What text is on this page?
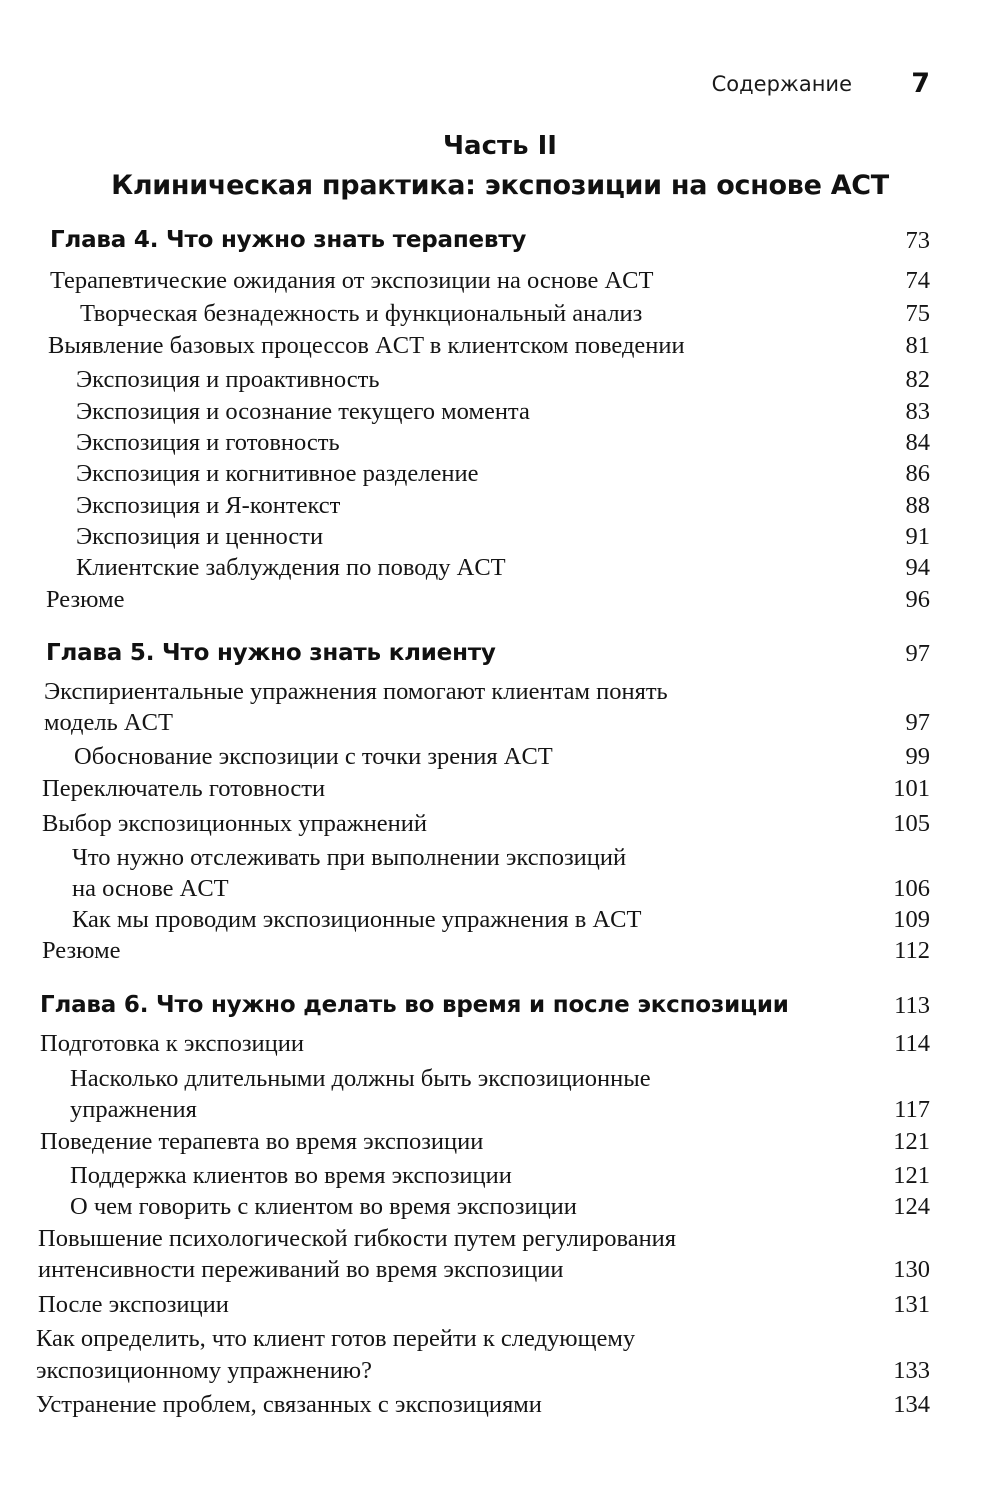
Содержание 7
Часть II
Клиническая практика: экспозиции на основе ACT
Глава 4. Что нужно знать терапевту	73
Терапевтические ожидания от экспозиции на основе ACT	74
Творческая безнадежность и функциональный анализ	75
Выявление базовых процессов ACT в клиентском поведении	81
Экспозиция и проактивность	82
Экспозиция и осознание текущего момента	83
Экспозиция и готовность	84
Экспозиция и когнитивное разделение	86
Экспозиция и Я-контекст	88
Экспозиция и ценности	91
Клиентские заблуждения по поводу ACT	94
Резюме	96
Глава 5. Что нужно знать клиенту	97
Экспириентальные упражнения помогают клиентам понять
модель ACT	97
Обоснование экспозиции с точки зрения ACT	99
Переключатель готовности	101
Выбор экспозиционных упражнений	105
Что нужно отслеживать при выполнении экспозиций
на основе ACT	106
Как мы проводим экспозиционные упражнения в ACT	109
Резюме	112
Глава 6. Что нужно делать во время и после экспозиции	113
Подготовка к экспозиции	114
Насколько длительными должны быть экспозиционные
упражнения	117
Поведение терапевта во время экспозиции	121
Поддержка клиентов во время экспозиции	121
О чем говорить с клиентом во время экспозиции	124
Повышение психологической гибкости путем регулирования
интенсивности переживаний во время экспозиции	130
После экспозиции	131
Как определить, что клиент готов перейти к следующему
экспозиционному упражнению?	133
Устранение проблем, связанных с экспозициями	134
